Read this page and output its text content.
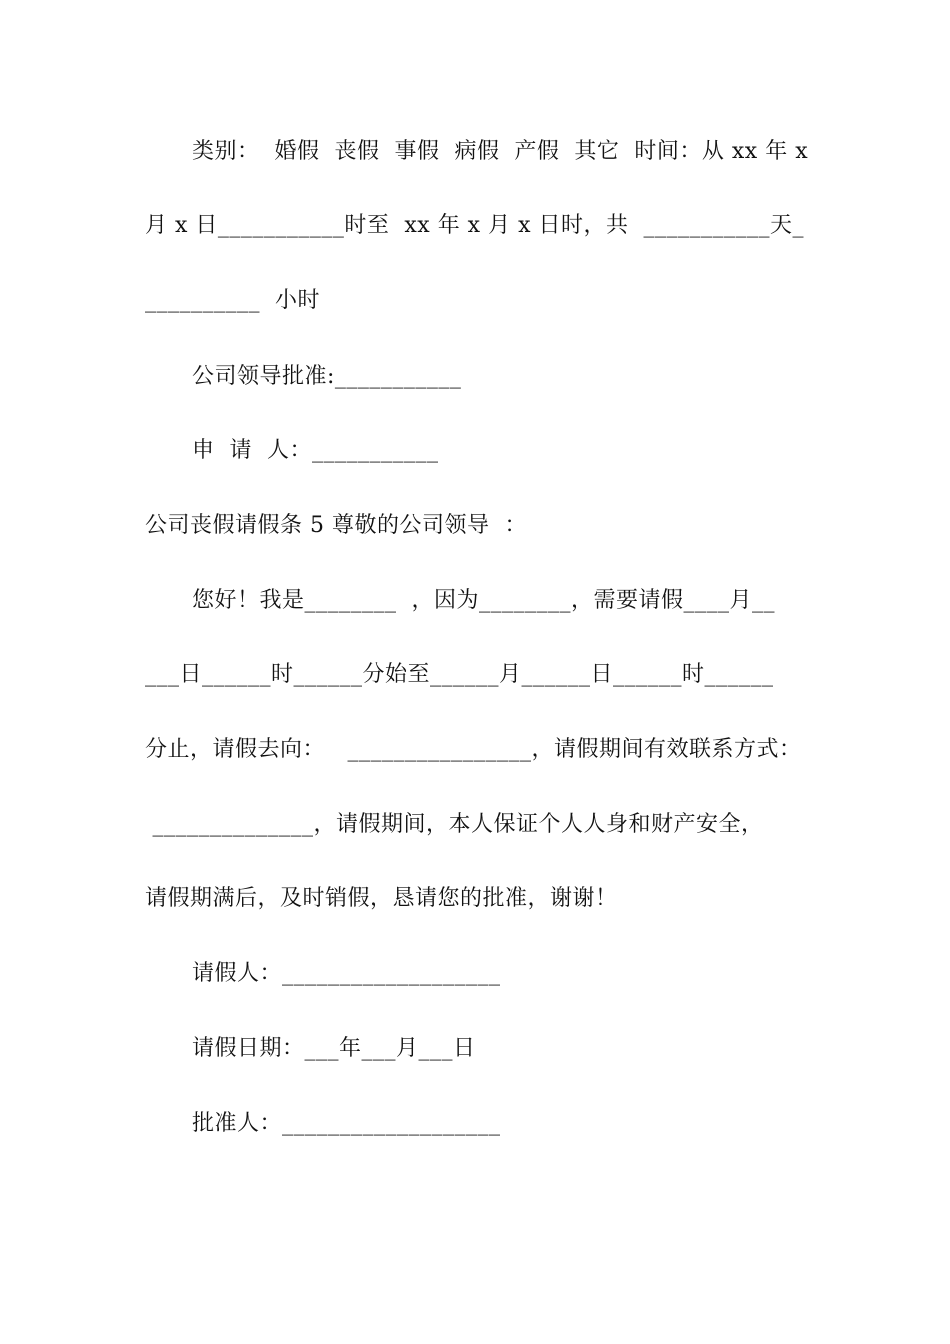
类别：  婚假  丧假  事假  病假  产假  其它  时间：从 xx 年 x
月 x 日___________时至  xx 年 x 月 x 日时，共  ___________天_
__________  小时
公司领导批准:___________
申  请  人：___________
公司丧假请假条 5 尊敬的公司领导  ：
您好！我是________  ，因为________，需要请假____月__
___日______时______分始至______月______日______时______
分止，请假去向：   ________________，请假期间有效联系方式：
______________，请假期间，本人保证个人人身和财产安全，
请假期满后，及时销假，恳请您的批准，谢谢！
请假人：___________________
请假日期：___年___月___日
批准人：___________________
